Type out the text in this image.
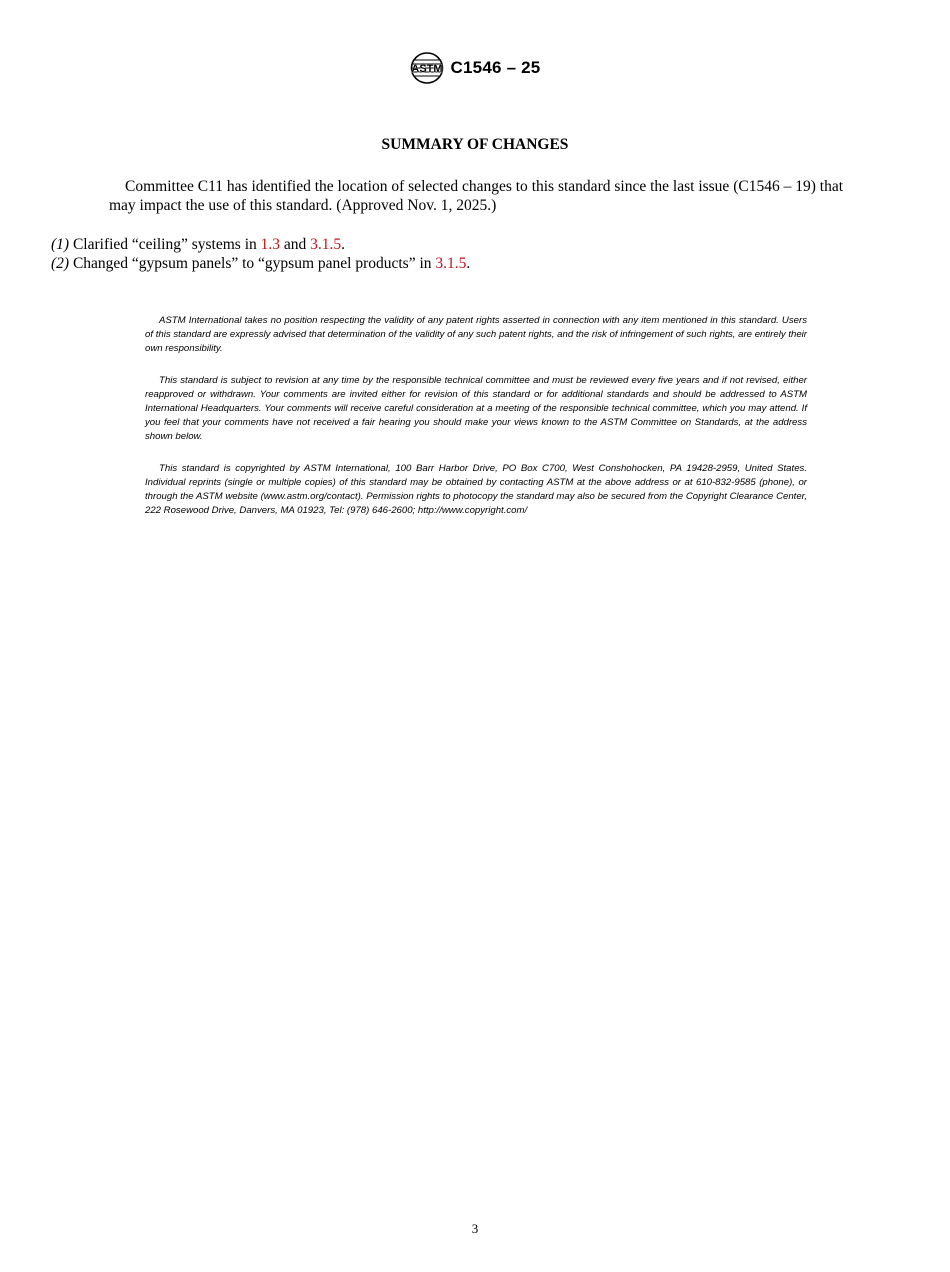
ASTM C1546 – 25
SUMMARY OF CHANGES

Committee C11 has identified the location of selected changes to this standard since the last issue (C1546 – 19) that may impact the use of this standard. (Approved Nov. 1, 2025.)

(1) Clarified “ceiling” systems in 1.3 and 3.1.5.

(2) Changed “gypsum panels” to “gypsum panel products” in 3.1.5.

ASTM International takes no position respecting the validity of any patent rights asserted in connection with any item mentioned in this standard. Users of this standard are expressly advised that determination of the validity of any such patent rights, and the risk of infringement of such rights, are entirely their own responsibility.

This standard is subject to revision at any time by the responsible technical committee and must be reviewed every five years and if not revised, either reapproved or withdrawn. Your comments are invited either for revision of this standard or for additional standards and should be addressed to ASTM International Headquarters. Your comments will receive careful consideration at a meeting of the responsible technical committee, which you may attend. If you feel that your comments have not received a fair hearing you should make your views known to the ASTM Committee on Standards, at the address shown below.

This standard is copyrighted by ASTM International, 100 Barr Harbor Drive, PO Box C700, West Conshohocken, PA 19428-2959, United States. Individual reprints (single or multiple copies) of this standard may be obtained by contacting ASTM at the above address or at 610-832-9585 (phone), or through the ASTM website (www.astm.org/contact). Permission rights to photocopy the standard may also be secured from the Copyright Clearance Center, 222 Rosewood Drive, Danvers, MA 01923, Tel: (978) 646-2600; http://www.copyright.com/

3
